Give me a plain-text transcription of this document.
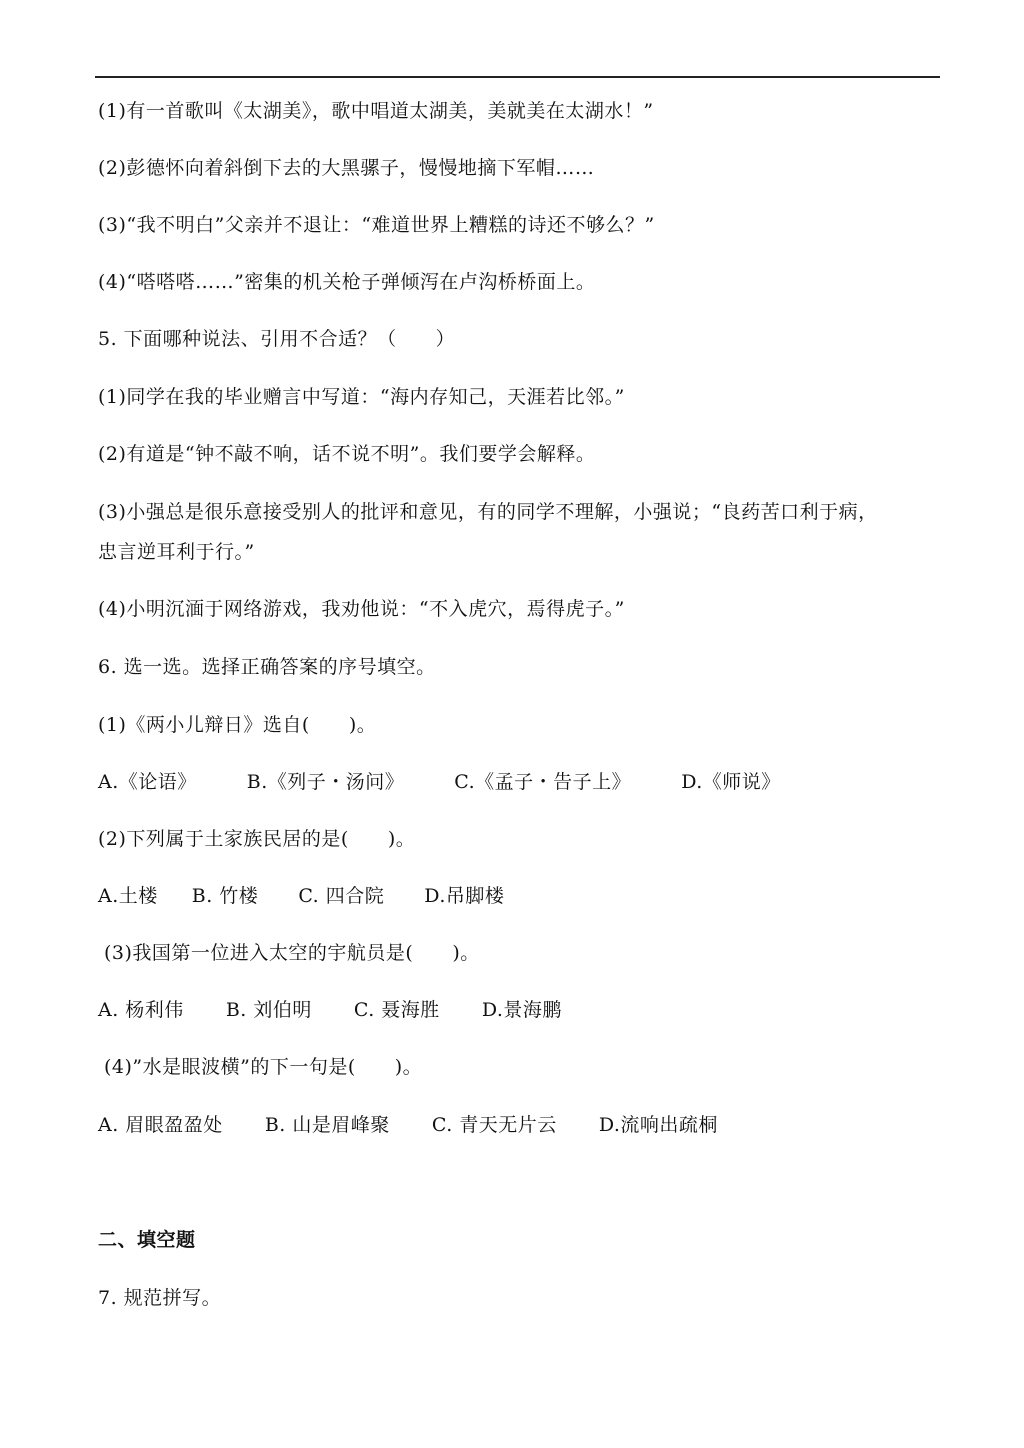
(1)有一首歌叫《太湖美》，歌中唱道太湖美，美就美在太湖水！”
(2)彭德怀向着斜倒下去的大黑骡子，慢慢地摘下军帽……
(3)“我不明白”父亲并不退让：“难道世界上糟糕的诗还不够么？”
(4)“嗒嗒嗒……”密集的机关枪子弹倾泻在卢沟桥桥面上。
5. 下面哪种说法、引用不合适？（　　）
(1)同学在我的毕业赠言中写道：“海内存知己，天涯若比邻。”
(2)有道是“钟不敲不响，话不说不明”。我们要学会解释。
(3)小强总是很乐意接受别人的批评和意见，有的同学不理解，小强说；“良药苦口利于病，
忠言逆耳利于行。”
(4)小明沉湎于网络游戏，我劝他说：“不入虎穴，焉得虎子。”
6. 选一选。选择正确答案的序号填空。
(1)《两小儿辩日》选自(　　)。
A.《论语》	B.《列子・汤问》	C.《孟子・告子上》	D.《师说》
(2)下列属于土家族民居的是(　　)。
A.土楼 B. 竹楼 C. 四合院 D.吊脚楼
(3)我国第一位进入太空的宇航员是(　　)。
A. 杨利伟 B. 刘伯明 C. 聂海胜 D.景海鹏
(4)”水是眼波横”的下一句是(　　)。
A. 眉眼盈盈处 B. 山是眉峰聚 C. 青天无片云 D.流响出疏桐
二、填空题
7. 规范拼写。
